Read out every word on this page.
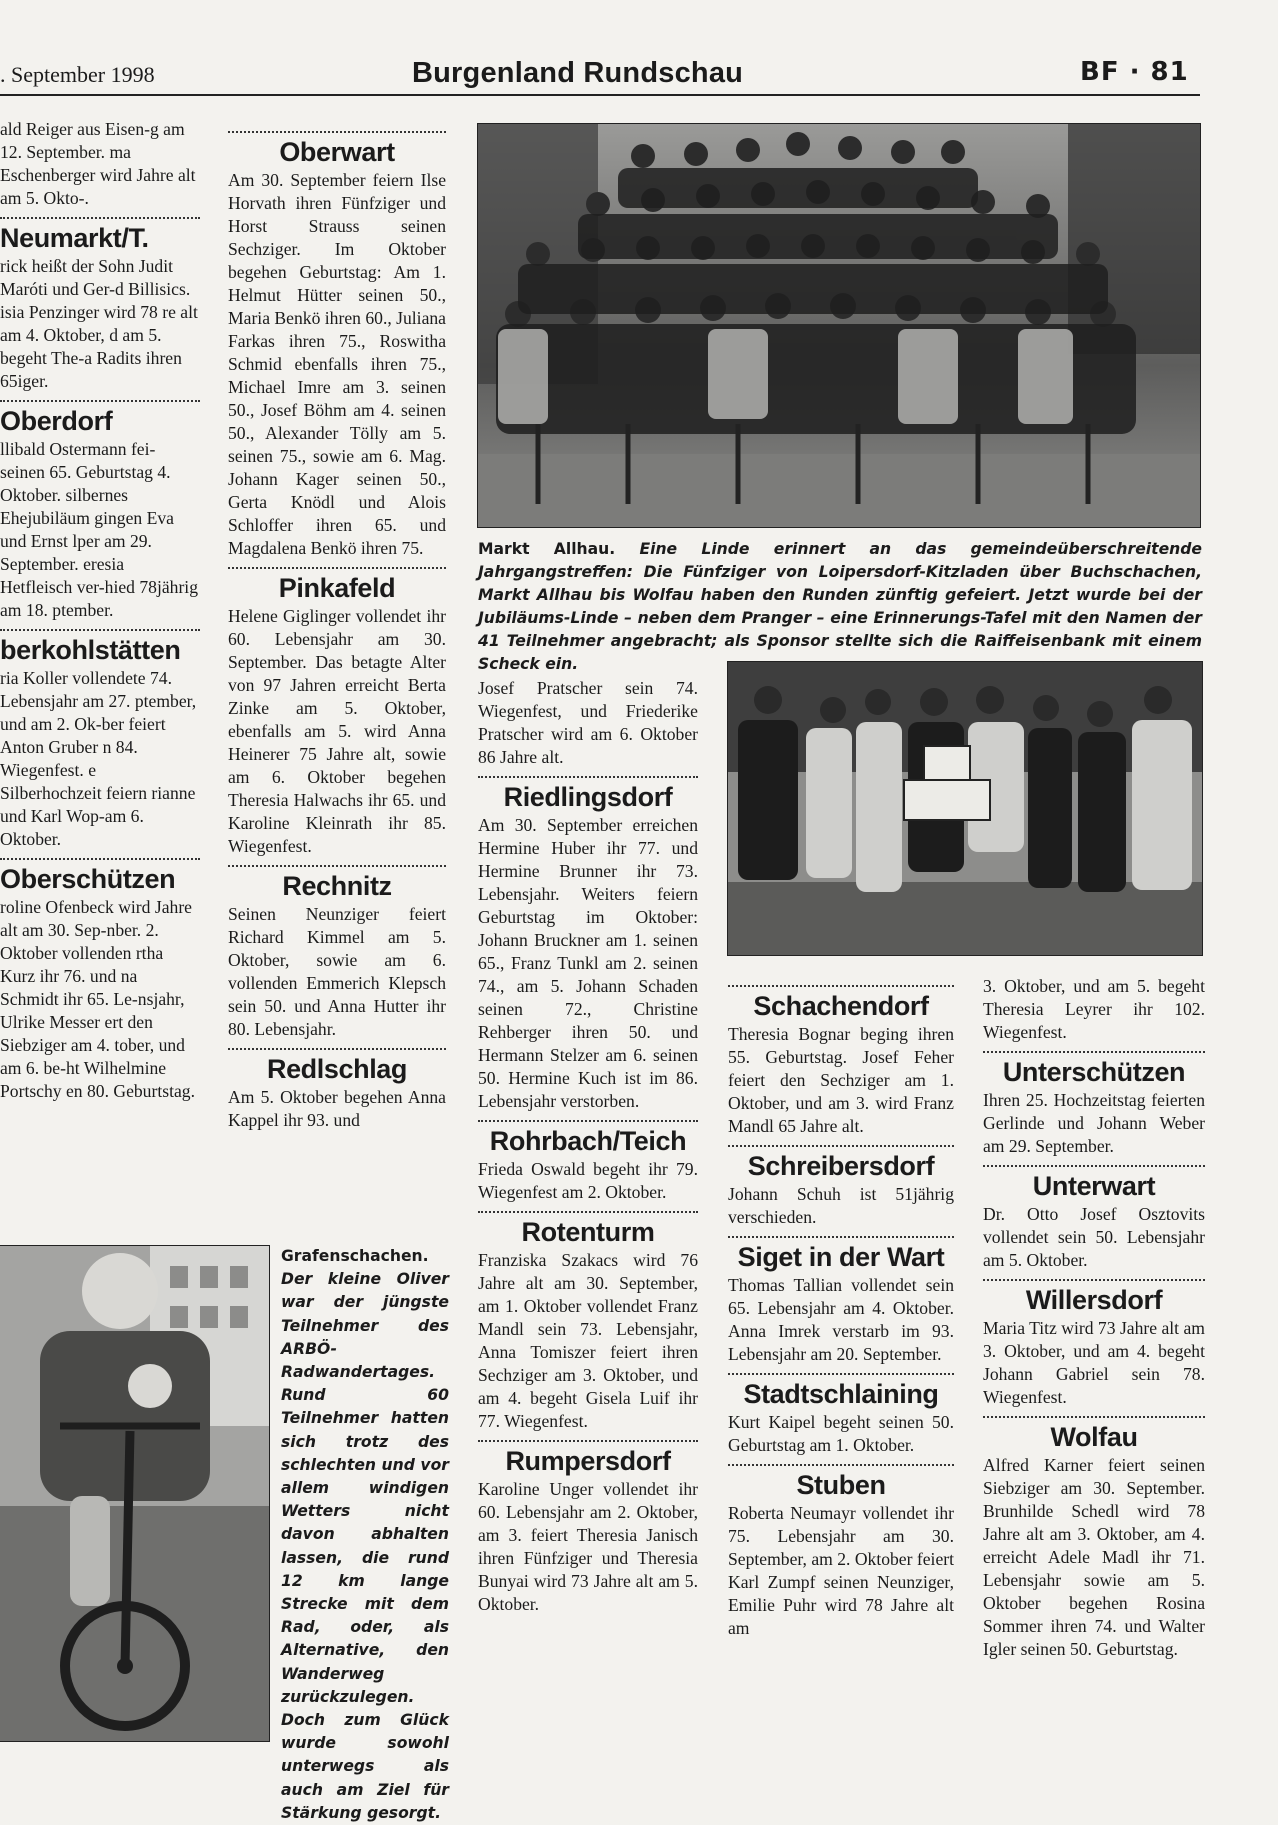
. September 1998	Burgenland Rundschau	BF · 81

ald Reiger aus Eisen-g am 12. September. ma Eschenberger wird Jahre alt am 5. Okto-.

Neumarkt/T.

rick heißt der Sohn Judit Maróti und Ger-d Billisics. isia Penzinger wird 78 re alt am 4. Oktober, d am 5. begeht The-a Radits ihren 65iger.

Oberdorf

llibald Ostermann fei-seinen 65. Geburtstag 4. Oktober. silbernes Ehejubiläum gingen Eva und Ernst lper am 29. September. eresia Hetfleisch ver-hied 78jährig am 18. ptember.

berkohlstätten

ria Koller vollendete 74. Lebensjahr am 27. ptember, und am 2. Ok-ber feiert Anton Gruber n 84. Wiegenfest. e Silberhochzeit feiern rianne und Karl Wop-am 6. Oktober.

Oberschützen

roline Ofenbeck wird Jahre alt am 30. Sep-nber. 2. Oktober vollenden rtha Kurz ihr 76. und na Schmidt ihr 65. Le-nsjahr, Ulrike Messer ert den Siebziger am 4. tober, und am 6. be-ht Wilhelmine Portschy en 80. Geburtstag.

Oberwart

Am 30. September feiern Ilse Horvath ihren Fünfziger und Horst Strauss seinen Sechziger. Im Oktober begehen Geburtstag: Am 1. Helmut Hütter seinen 50., Maria Benkö ihren 60., Juliana Farkas ihren 75., Roswitha Schmid ebenfalls ihren 75., Michael Imre am 3. seinen 50., Josef Böhm am 4. seinen 50., Alexander Tölly am 5. seinen 75., sowie am 6. Mag. Johann Kager seinen 50., Gerta Knödl und Alois Schloffer ihren 65. und Magdalena Benkö ihren 75.

Pinkafeld

Helene Giglinger vollendet ihr 60. Lebensjahr am 30. September. Das betagte Alter von 97 Jahren erreicht Berta Zinke am 5. Oktober, ebenfalls am 5. wird Anna Heinerer 75 Jahre alt, sowie am 6. Oktober begehen Theresia Halwachs ihr 65. und Karoline Kleinrath ihr 85. Wiegenfest.

Rechnitz

Seinen Neunziger feiert Richard Kimmel am 5. Oktober, sowie am 6. vollenden Emmerich Klepsch sein 50. und Anna Hutter ihr 80. Lebensjahr.

Redlschlag

Am 5. Oktober begehen Anna Kappel ihr 93. und

Markt Allhau. Eine Linde erinnert an das gemeindeüberschreitende Jahrgangstreffen: Die Fünfziger von Loipersdorf-Kitzladen über Buchschachen, Markt Allhau bis Wolfau haben den Runden zünftig gefeiert. Jetzt wurde bei der Jubiläums-Linde – neben dem Pranger – eine Erinnerungs-Tafel mit den Namen der 41 Teilnehmer angebracht; als Sponsor stellte sich die Raiffeisenbank mit einem Scheck ein.

Josef Pratscher sein 74. Wiegenfest, und Friederike Pratscher wird am 6. Oktober 86 Jahre alt.

Riedlingsdorf

Am 30. September erreichen Hermine Huber ihr 77. und Hermine Brunner ihr 73. Lebensjahr. Weiters feiern Geburtstag im Oktober: Johann Bruckner am 1. seinen 65., Franz Tunkl am 2. seinen 74., am 5. Johann Schaden seinen 72., Christine Rehberger ihren 50. und Hermann Stelzer am 6. seinen 50. Hermine Kuch ist im 86. Lebensjahr verstorben.

Rohrbach/Teich

Frieda Oswald begeht ihr 79. Wiegenfest am 2. Oktober.

Rotenturm

Franziska Szakacs wird 76 Jahre alt am 30. September, am 1. Oktober vollendet Franz Mandl sein 73. Lebensjahr, Anna Tomiszer feiert ihren Sechziger am 3. Oktober, und am 4. begeht Gisela Luif ihr 77. Wiegenfest.

Rumpersdorf

Karoline Unger vollendet ihr 60. Lebensjahr am 2. Oktober, am 3. feiert Theresia Janisch ihren Fünfziger und Theresia Bunyai wird 73 Jahre alt am 5. Oktober.

Schachendorf

Theresia Bognar beging ihren 55. Geburtstag. Josef Feher feiert den Sechziger am 1. Oktober, und am 3. wird Franz Mandl 65 Jahre alt.

Schreibersdorf

Johann Schuh ist 51jährig verschieden.

Siget in der Wart

Thomas Tallian vollendet sein 65. Lebensjahr am 4. Oktober. Anna Imrek verstarb im 93. Lebensjahr am 20. September.

Stadtschlaining

Kurt Kaipel begeht seinen 50. Geburtstag am 1. Oktober.

Stuben

Roberta Neumayr vollendet ihr 75. Lebensjahr am 30. September, am 2. Oktober feiert Karl Zumpf seinen Neunziger, Emilie Puhr wird 78 Jahre alt am

3. Oktober, und am 5. begeht Theresia Leyrer ihr 102. Wiegenfest.

Unterschützen

Ihren 25. Hochzeitstag feierten Gerlinde und Johann Weber am 29. September.

Unterwart

Dr. Otto Josef Osztovits vollendet sein 50. Lebensjahr am 5. Oktober.

Willersdorf

Maria Titz wird 73 Jahre alt am 3. Oktober, und am 4. begeht Johann Gabriel sein 78. Wiegenfest.

Wolfau

Alfred Karner feiert seinen Siebziger am 30. September. Brunhilde Schedl wird 78 Jahre alt am 3. Oktober, am 4. erreicht Adele Madl ihr 71. Lebensjahr sowie am 5. Oktober begehen Rosina Sommer ihren 74. und Walter Igler seinen 50. Geburtstag.

Grafenschachen. Der kleine Oliver war der jüngste Teilnehmer des ARBÖ-Radwandertages. Rund 60 Teilnehmer hatten sich trotz des schlechten und vor allem windigen Wetters nicht davon abhalten lassen, die rund 12 km lange Strecke mit dem Rad, oder, als Alternative, den Wanderweg zurückzulegen. Doch zum Glück wurde sowohl unterwegs als auch am Ziel für Stärkung gesorgt.
